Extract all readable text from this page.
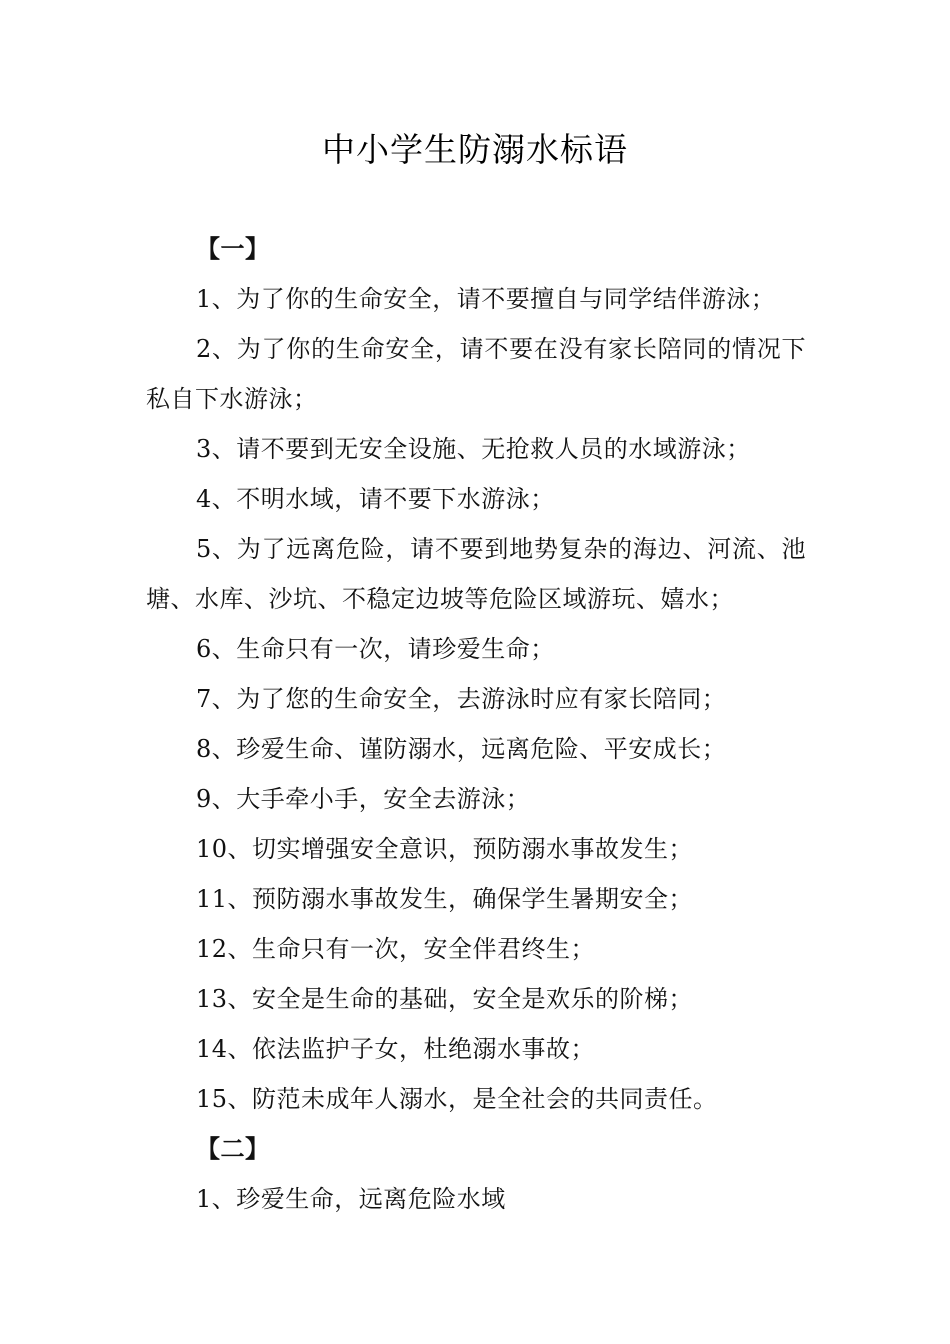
中小学生防溺水标语

【一】

1、为了你的生命安全，请不要擅自与同学结伴游泳；

2、为了你的生命安全，请不要在没有家长陪同的情况下私自下水游泳；

3、请不要到无安全设施、无抢救人员的水域游泳；

4、不明水域，请不要下水游泳；

5、为了远离危险，请不要到地势复杂的海边、河流、池塘、水库、沙坑、不稳定边坡等危险区域游玩、嬉水；

6、生命只有一次，请珍爱生命；

7、为了您的生命安全，去游泳时应有家长陪同；

8、珍爱生命、谨防溺水，远离危险、平安成长；

9、大手牵小手，安全去游泳；

10、切实增强安全意识，预防溺水事故发生；

11、预防溺水事故发生，确保学生暑期安全；

12、生命只有一次，安全伴君终生；

13、安全是生命的基础，安全是欢乐的阶梯；

14、依法监护子女，杜绝溺水事故；

15、防范未成年人溺水，是全社会的共同责任。

【二】

1、珍爱生命，远离危险水域
